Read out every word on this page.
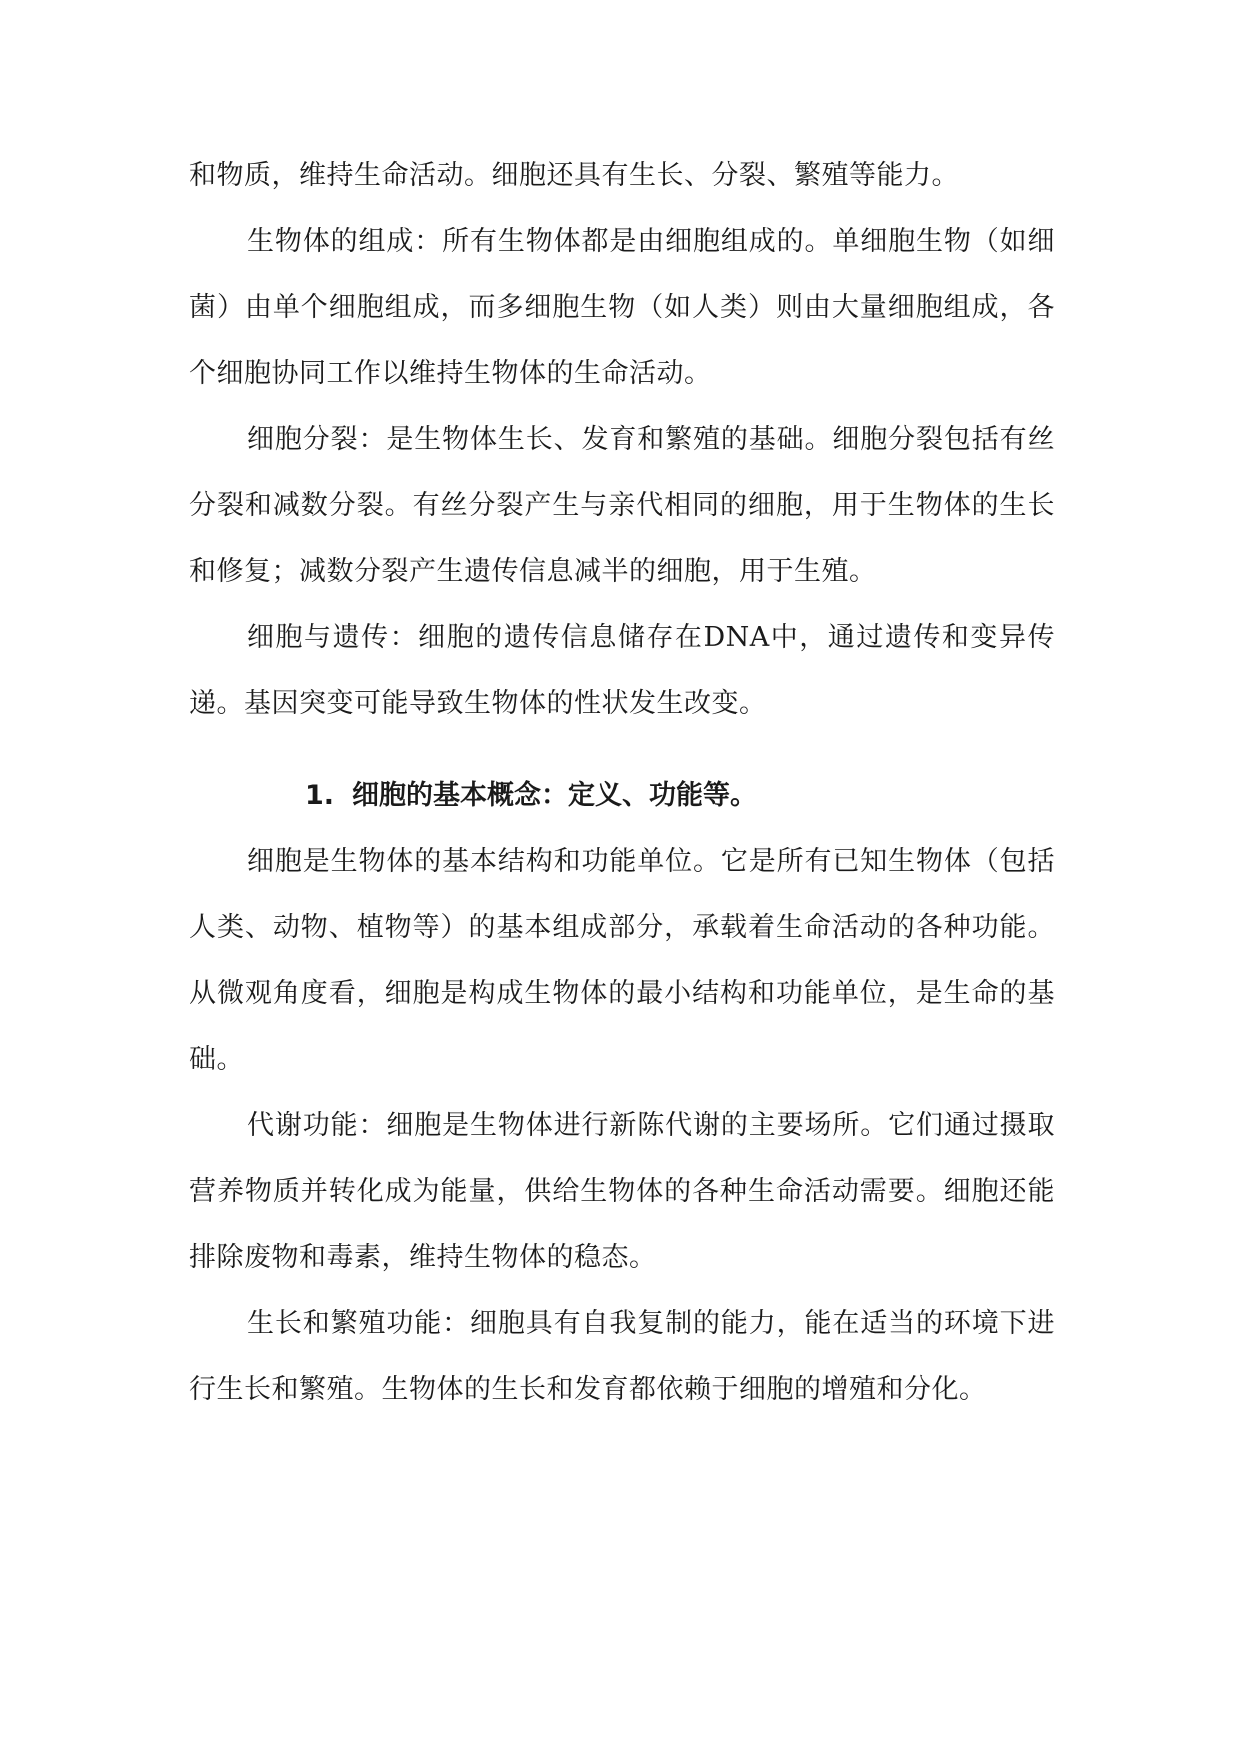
和物质，维持生命活动。细胞还具有生长、分裂、繁殖等能力。

生物体的组成：所有生物体都是由细胞组成的。单细胞生物（如细菌）由单个细胞组成，而多细胞生物（如人类）则由大量细胞组成，各个细胞协同工作以维持生物体的生命活动。

细胞分裂：是生物体生长、发育和繁殖的基础。细胞分裂包括有丝分裂和减数分裂。有丝分裂产生与亲代相同的细胞，用于生物体的生长和修复；减数分裂产生遗传信息减半的细胞，用于生殖。

细胞与遗传：细胞的遗传信息储存在DNA中，通过遗传和变异传递。基因突变可能导致生物体的性状发生改变。

1. 细胞的基本概念：定义、功能等。

细胞是生物体的基本结构和功能单位。它是所有已知生物体（包括人类、动物、植物等）的基本组成部分，承载着生命活动的各种功能。从微观角度看，细胞是构成生物体的最小结构和功能单位，是生命的基础。

代谢功能：细胞是生物体进行新陈代谢的主要场所。它们通过摄取营养物质并转化成为能量，供给生物体的各种生命活动需要。细胞还能排除废物和毒素，维持生物体的稳态。

生长和繁殖功能：细胞具有自我复制的能力，能在适当的环境下进行生长和繁殖。生物体的生长和发育都依赖于细胞的增殖和分化。
